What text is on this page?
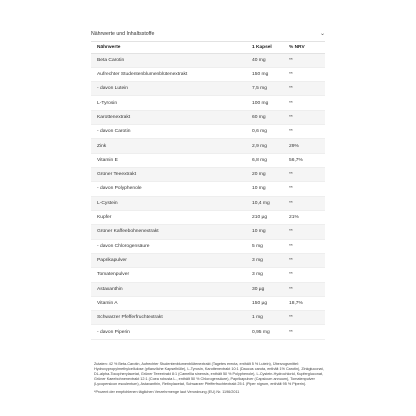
Nährwerte und Inhaltsstoffe	⌄
Nährwerte	1 Kapsel	% NRV
Beta Carotin	40 mg	**
Aufrechter Studentenblumenblütenextrakt	150 mg	**
- davon Lutein	7,5 mg	**
L-Tyrosin	100 mg	**
Karottenextrakt	60 mg	**
- davon Carotin	0,6 mg	**
Zink	2,9 mg	29%
Vitamin E	6,8 mg	56,7%
Grüner Teeextrakt	20 mg	**
- davon Polyphenole	10 mg	**
L-Cystein	10,4 mg	**
Kupfer	210 µg	21%
Grüner Kaffeebohnenextrakt	10 mg	**
- davon Chlorogensäure	5 mg	**
Paprikapulver	3 mg	**
Tomatenpulver	3 mg	**
Astaxanthin	30 µg	**
Vitamin A	150 µg	18,7%
Schwarzer Pfefferfruchtextrakt	1 mg	**
- davon Piperin	0,95 mg	**

Zutaten: 42 % Beta-Carotin, Aufrechter Studentenblumenblütenextrakt (Tagetes erecta, enthält 5 % Lutein), Überzugsmittel: Hydroxypropylmethylcellulose (pflanzliche Kapselhülle), L-Tyrosin, Karottenextrakt 10:1 (Daucus carota, enthält 1% Carotin), Zinkgluconat, DL-alpha-Tocopherylacetat, Grüner Teeextrakt 8:1 (Camellia sinensis, enthält 50 % Polyphenole), L-Cystein-Hydrochlorid, Kupfergluconat, Grüner Kaeebohnenextrakt 12:1 (Coea robusta L., enthält 50 % Chlorogensäure), Paprikapulver (Capsicum annuum), Tomatenpulver (Lycopersicon esculentum), Astaxanthin, Retinylacetat, Schwarzer Pfefferfruchtextrakt 25:1 (Piper nigrum, enthält 95 % Piperin).

*Prozent der empfohlenen täglichen Verzehrmenge laut Verordnung (EU) Nr. 1196/2011
